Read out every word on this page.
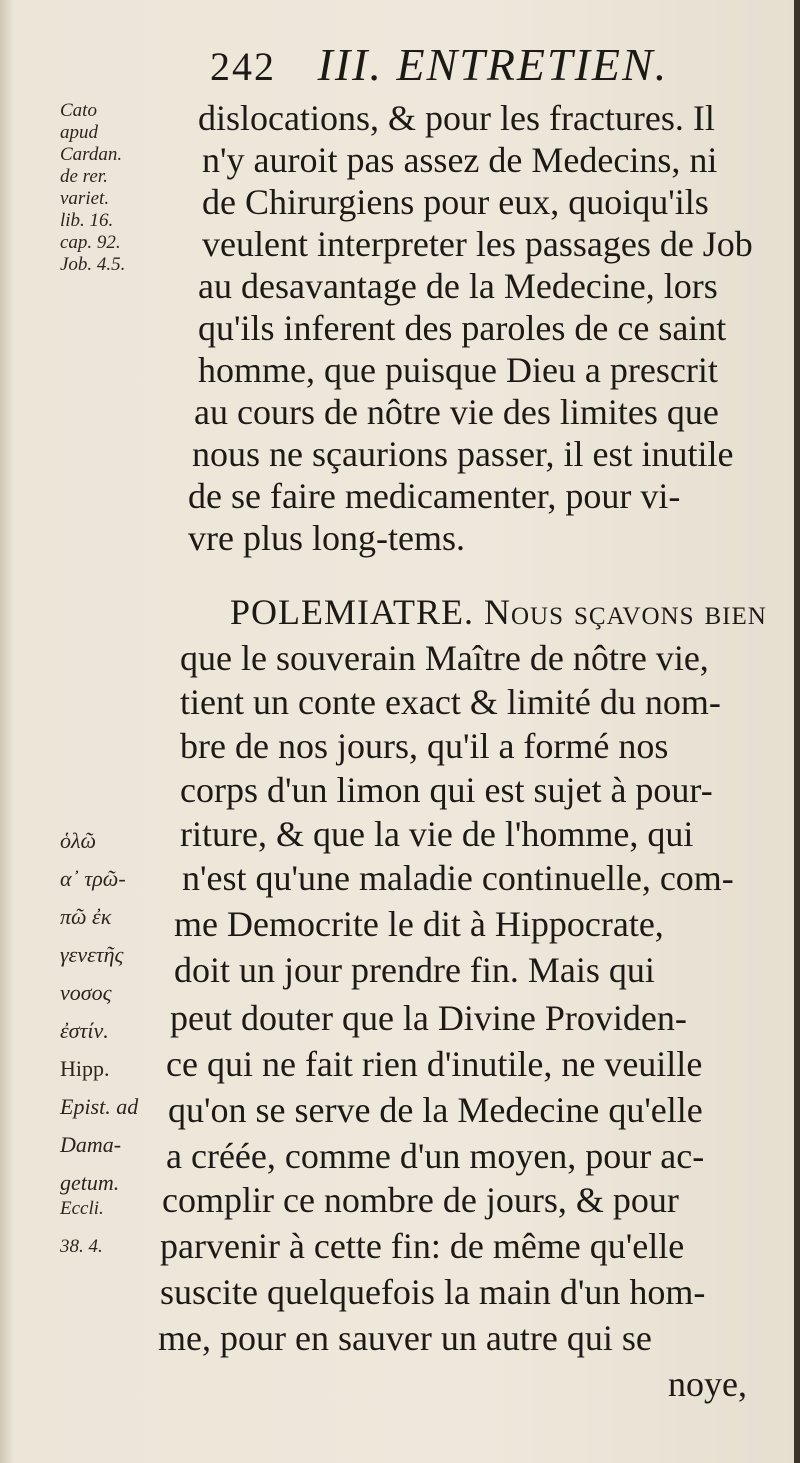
242 III. ENTRETIEN.
Cato
apud
Cardan.
de rer.
variet.
lib. 16.
cap. 92.
Job. 4.5.
ὁλῶ
α᾽ τρῶ-
πῶ ἐκ
γενετῆς
νοσος
ἐστίν.
Hipp.
Epist. ad
Dama-
getum.
Eccli.
38. 4.
dislocations, & pour les fractures. Il
n'y auroit pas assez de Medecins, ni
de Chirurgiens pour eux, quoiqu'ils
veulent interpreter les passages de Job
au desavantage de la Medecine, lors
qu'ils inferent des paroles de ce saint
homme, que puisque Dieu a prescrit
au cours de nôtre vie des limites que
nous ne sçaurions passer, il est inutile
de se faire medicamenter, pour vi-
vre plus long-tems.
POLEMIATRE. Nous sçavons bien
que le souverain Maître de nôtre vie,
tient un conte exact & limité du nom-
bre de nos jours, qu'il a formé nos
corps d'un limon qui est sujet à pour-
riture, & que la vie de l'homme, qui
n'est qu'une maladie continuelle, com-
me Democrite le dit à Hippocrate,
doit un jour prendre fin. Mais qui
peut douter que la Divine Providen-
ce qui ne fait rien d'inutile, ne veuille
qu'on se serve de la Medecine qu'elle
a créée, comme d'un moyen, pour ac-
complir ce nombre de jours, & pour
parvenir à cette fin: de même qu'elle
suscite quelquefois la main d'un hom-
me, pour en sauver un autre qui se
noye,
